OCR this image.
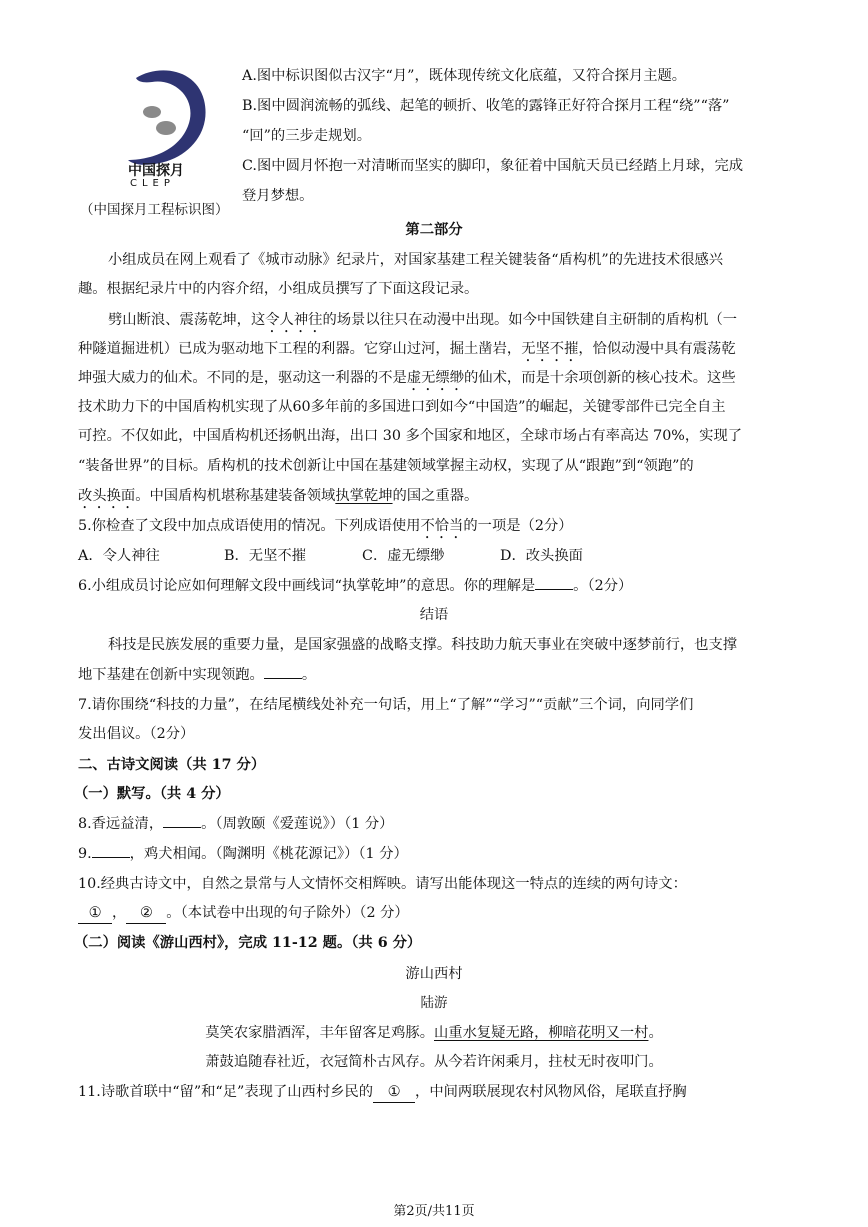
中国探月
CLEP
（中国探月工程标识图）
A.图中标识图似古汉字“月”，既体现传统文化底蕴，又符合探月主题。
B.图中圆润流畅的弧线、起笔的顿折、收笔的露锋正好符合探月工程“绕”“落”
“回”的三步走规划。
C.图中圆月怀抱一对清晰而坚实的脚印，象征着中国航天员已经踏上月球，完成
登月梦想。
第二部分
小组成员在网上观看了《城市动脉》纪录片，对国家基建工程关键装备“盾构机”的先进技术很感兴
趣。根据纪录片中的内容介绍，小组成员撰写了下面这段记录。
劈山断浪、震荡乾坤，这令人神往的场景以往只在动漫中出现。如今中国铁建自主研制的盾构机（一
种隧道掘进机）已成为驱动地下工程的利器。它穿山过河，掘土凿岩，无坚不摧，恰似动漫中具有震荡乾
坤强大威力的仙术。不同的是，驱动这一利器的不是虚无缥缈的仙术，而是十余项创新的核心技术。这些
技术助力下的中国盾构机实现了从60多年前的多国进口到如今“中国造”的崛起，关键零部件已完全自主
可控。不仅如此，中国盾构机还扬帆出海，出口 30 多个国家和地区，全球市场占有率高达 70%，实现了
“装备世界”的目标。盾构机的技术创新让中国在基建领域掌握主动权，实现了从“跟跑”到“领跑”的
改头换面。中国盾构机堪称基建装备领域执掌乾坤的国之重器。
5.你检查了文段中加点成语使用的情况。下列成语使用不恰当的一项是（2分）
A．令人神往	B．无坚不摧	C．虚无缥缈	D．改头换面
6.小组成员讨论应如何理解文段中画线词“执掌乾坤”的意思。你的理解是	。（2分）
结语
科技是民族发展的重要力量，是国家强盛的战略支撑。科技助力航天事业在突破中逐梦前行，也支撑
地下基建在创新中实现领跑。	。
7.请你围绕“科技的力量”，在结尾横线处补充一句话，用上“了解”“学习”“贡献”三个词，向同学们
发出倡议。（2分）
二、古诗文阅读（共 17 分）
（一）默写。（共 4 分）
8.香远益清，	。（周敦颐《爱莲说》）（1 分）
9.	，鸡犬相闻。（陶渊明《桃花源记》）（1 分）
10.经典古诗文中，自然之景常与人文情怀交相辉映。请写出能体现这一特点的连续的两句诗文：
① ， ② 。（本试卷中出现的句子除外）（2 分）
（二）阅读《游山西村》，完成 11-12 题。（共 6 分）
游山西村
陆游
莫笑农家腊酒浑，丰年留客足鸡豚。山重水复疑无路，柳暗花明又一村。
萧鼓追随春社近，衣冠简朴古风存。从今若许闲乘月，拄杖无时夜叩门。
11.诗歌首联中“留”和“足”表现了山西村乡民的 ① ，中间两联展现农村风物风俗，尾联直抒胸
第2页/共11页
